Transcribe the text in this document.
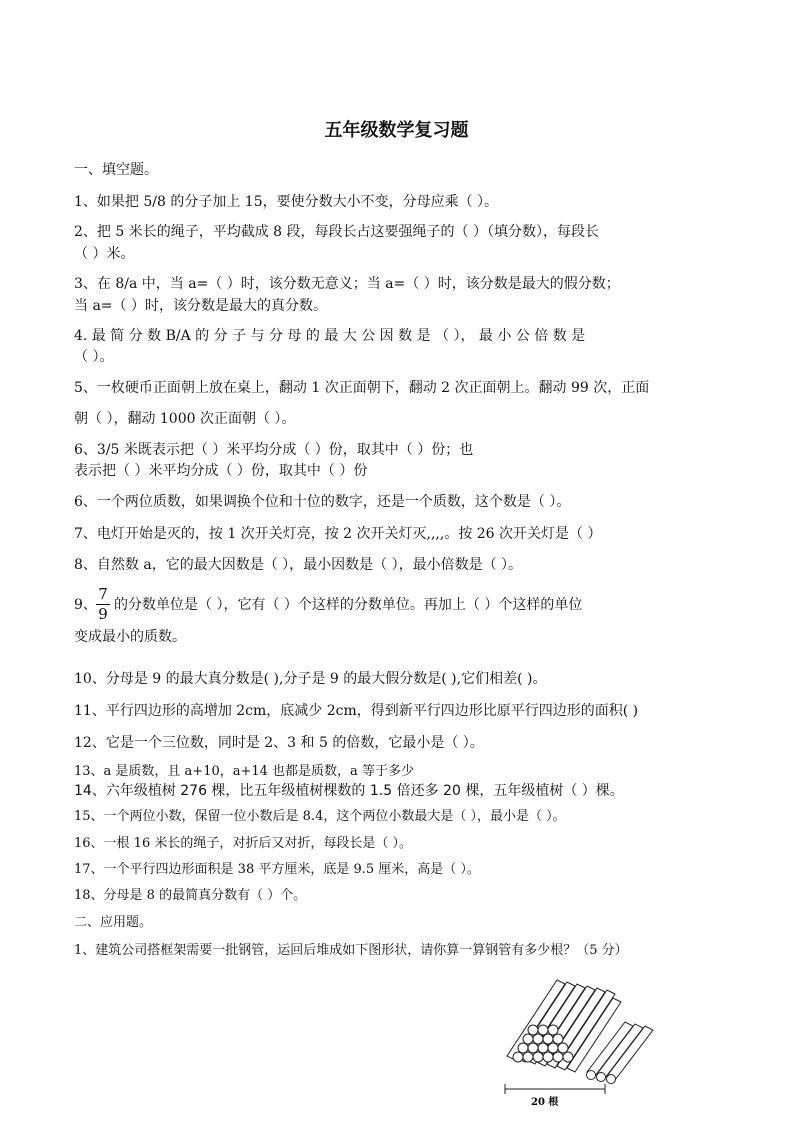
五年级数学复习题
一、填空题。
1、如果把 5/8 的分子加上 15，要使分数大小不变，分母应乘（ ）。
2、把 5 米长的绳子，平均截成 8 段，每段长占这要强绳子的（ ）（填分数），每段长
（ ）米。
3、在 8/a 中，当 a=（ ）时，该分数无意义；当 a=（ ）时，该分数是最大的假分数；
当 a=（ ）时，该分数是最大的真分数。
4. 最 简 分 数 B/A 的 分 子 与 分 母 的 最 大 公 因 数 是 （ ）， 最 小 公 倍 数 是
（ ）。
5、一枚硬币正面朝上放在桌上，翻动 1 次正面朝下，翻动 2 次正面朝上。翻动 99 次，正面
朝（ ），翻动 1000 次正面朝（ ）。
6、3/5 米既表示把（ ）米平均分成（ ）份，取其中（ ）份；也
表示把（ ）米平均分成（ ）份，取其中（ ）份
6、一个两位质数，如果调换个位和十位的数字，还是一个质数，这个数是（ ）。
7、电灯开始是灭的，按 1 次开关灯亮，按 2 次开关灯灭,,,,。按 26 次开关灯是（ ）
8、自然数 a，它的最大因数是（ ），最小因数是（ ），最小倍数是（ ）。
9、
7
9 的分数单位是（ ），它有（ ）个这样的分数单位。再加上（ ）个这样的单位
变成最小的质数。
10、分母是 9 的最大真分数是( ),分子是 9 的最大假分数是( ),它们相差( )。
11、平行四边形的高增加 2cm，底减少 2cm，得到新平行四边形比原平行四边形的面积( )
12、它是一个三位数，同时是 2、3 和 5 的倍数，它最小是（ ）。
13、a 是质数，且 a+10，a+14 也都是质数，a 等于多少
14、六年级植树 276 棵，比五年级植树棵数的 1.5 倍还多 20 棵，五年级植树（ ）棵。
15、一个两位小数，保留一位小数后是 8.4，这个两位小数最大是（ ），最小是（ ）。
16、一根 16 米长的绳子，对折后又对折，每段长是（ ）。
17、一个平行四边形面积是 38 平方厘米，底是 9.5 厘米，高是（ ）。
18、分母是 8 的最简真分数有（ ）个。
二、应用题。
1、建筑公司搭框架需要一批钢管，运回后堆成如下图形状，请你算一算钢管有多少根？（5 分）
20 根
